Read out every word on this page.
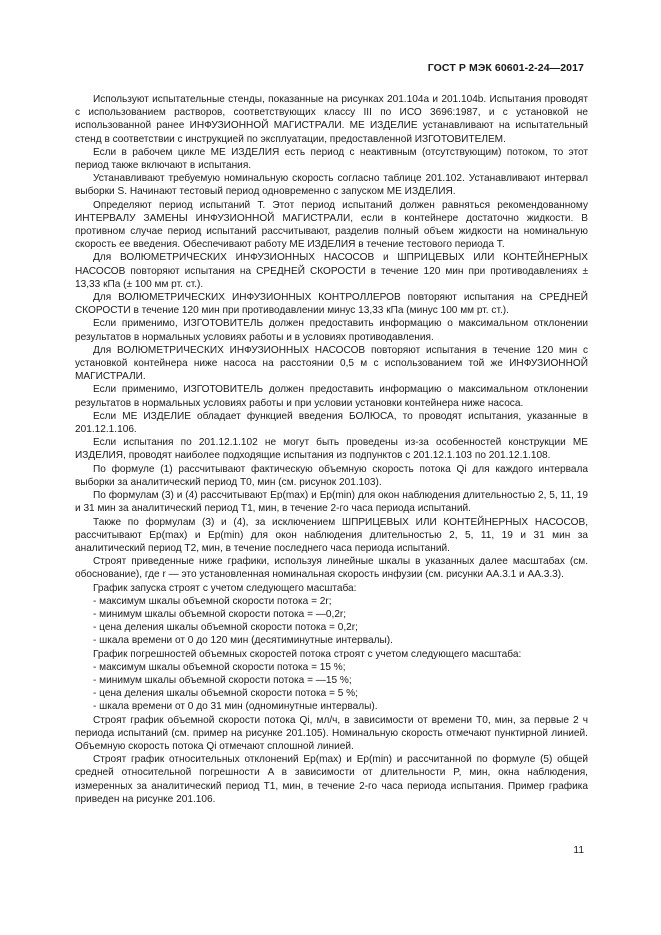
ГОСТ Р МЭК 60601-2-24—2017

Используют испытательные стенды, показанные на рисунках 201.104a и 201.104b. Испытания проводят с использованием растворов, соответствующих классу III по ИСО 3696:1987, и с установкой не использованной ранее ИНФУЗИОННОЙ МАГИСТРАЛИ. МЕ ИЗДЕЛИЕ устанавливают на испытательный стенд в соответствии с инструкцией по эксплуатации, предоставленной ИЗГОТОВИТЕЛЕМ.

Если в рабочем цикле МЕ ИЗДЕЛИЯ есть период с неактивным (отсутствующим) потоком, то этот период также включают в испытания.

Устанавливают требуемую номинальную скорость согласно таблице 201.102. Устанавливают интервал выборки S. Начинают тестовый период одновременно с запуском МЕ ИЗДЕЛИЯ.

Определяют период испытаний T. Этот период испытаний должен равняться рекомендованному ИНТЕРВАЛУ ЗАМЕНЫ ИНФУЗИОННОЙ МАГИСТРАЛИ, если в контейнере достаточно жидкости. В противном случае период испытаний рассчитывают, разделив полный объем жидкости на номинальную скорость ее введения. Обеспечивают работу МЕ ИЗДЕЛИЯ в течение тестового периода T.

Для ВОЛЮМЕТРИЧЕСКИХ ИНФУЗИОННЫХ НАСОСОВ и ШПРИЦЕВЫХ ИЛИ КОНТЕЙНЕРНЫХ НАСОСОВ повторяют испытания на СРЕДНЕЙ СКОРОСТИ в течение 120 мин при противодавлениях ± 13,33 кПа (± 100 мм рт. ст.).

Для ВОЛЮМЕТРИЧЕСКИХ ИНФУЗИОННЫХ КОНТРОЛЛЕРОВ повторяют испытания на СРЕДНЕЙ СКОРОСТИ в течение 120 мин при противодавлении минус 13,33 кПа (минус 100 мм рт. ст.).

Если применимо, ИЗГОТОВИТЕЛЬ должен предоставить информацию о максимальном отклонении результатов в нормальных условиях работы и в условиях противодавления.

Для ВОЛЮМЕТРИЧЕСКИХ ИНФУЗИОННЫХ НАСОСОВ повторяют испытания в течение 120 мин с установкой контейнера ниже насоса на расстоянии 0,5 м с использованием той же ИНФУЗИОННОЙ МАГИСТРАЛИ.

Если применимо, ИЗГОТОВИТЕЛЬ должен предоставить информацию о максимальном отклонении результатов в нормальных условиях работы и при условии установки контейнера ниже насоса.

Если МЕ ИЗДЕЛИЕ обладает функцией введения БОЛЮСА, то проводят испытания, указанные в 201.12.1.106.

Если испытания по 201.12.1.102 не могут быть проведены из-за особенностей конструкции МЕ ИЗДЕЛИЯ, проводят наиболее подходящие испытания из подпунктов с 201.12.1.103 по 201.12.1.108.

По формуле (1) рассчитывают фактическую объемную скорость потока Qi для каждого интервала выборки за аналитический период T0, мин (см. рисунок 201.103).

По формулам (3) и (4) рассчитывают Ep(max) и Ep(min) для окон наблюдения длительностью 2, 5, 11, 19 и 31 мин за аналитический период T1, мин, в течение 2-го часа периода испытаний.

Также по формулам (3) и (4), за исключением ШПРИЦЕВЫХ ИЛИ КОНТЕЙНЕРНЫХ НАСОСОВ, рассчитывают Ep(max) и Ep(min) для окон наблюдения длительностью 2, 5, 11, 19 и 31 мин за аналитический период T2, мин, в течение последнего часа периода испытаний.

Строят приведенные ниже графики, используя линейные шкалы в указанных далее масштабах (см. обоснование), где r — это установленная номинальная скорость инфузии (см. рисунки АА.3.1 и АА.3.3).

График запуска строят с учетом следующего масштаба:

- максимум шкалы объемной скорости потока = 2r;

- минимум шкалы объемной скорости потока = —0,2r;

- цена деления шкалы объемной скорости потока = 0,2r;

- шкала времени от 0 до 120 мин (десятиминутные интервалы).

График погрешностей объемных скоростей потока строят с учетом следующего масштаба:

- максимум шкалы объемной скорости потока = 15 %;

- минимум шкалы объемной скорости потока = —15 %;

- цена деления шкалы объемной скорости потока = 5 %;

- шкала времени от 0 до 31 мин (одноминутные интервалы).

Строят график объемной скорости потока Qi, мл/ч, в зависимости от времени T0, мин, за первые 2 ч периода испытаний (см. пример на рисунке 201.105). Номинальную скорость отмечают пунктирной линией. Объемную скорость потока Qi отмечают сплошной линией.

Строят график относительных отклонений Ep(max) и Ep(min) и рассчитанной по формуле (5) общей средней относительной погрешности A в зависимости от длительности P, мин, окна наблюдения, измеренных за аналитический период T1, мин, в течение 2-го часа периода испытания. Пример графика приведен на рисунке 201.106.

11
